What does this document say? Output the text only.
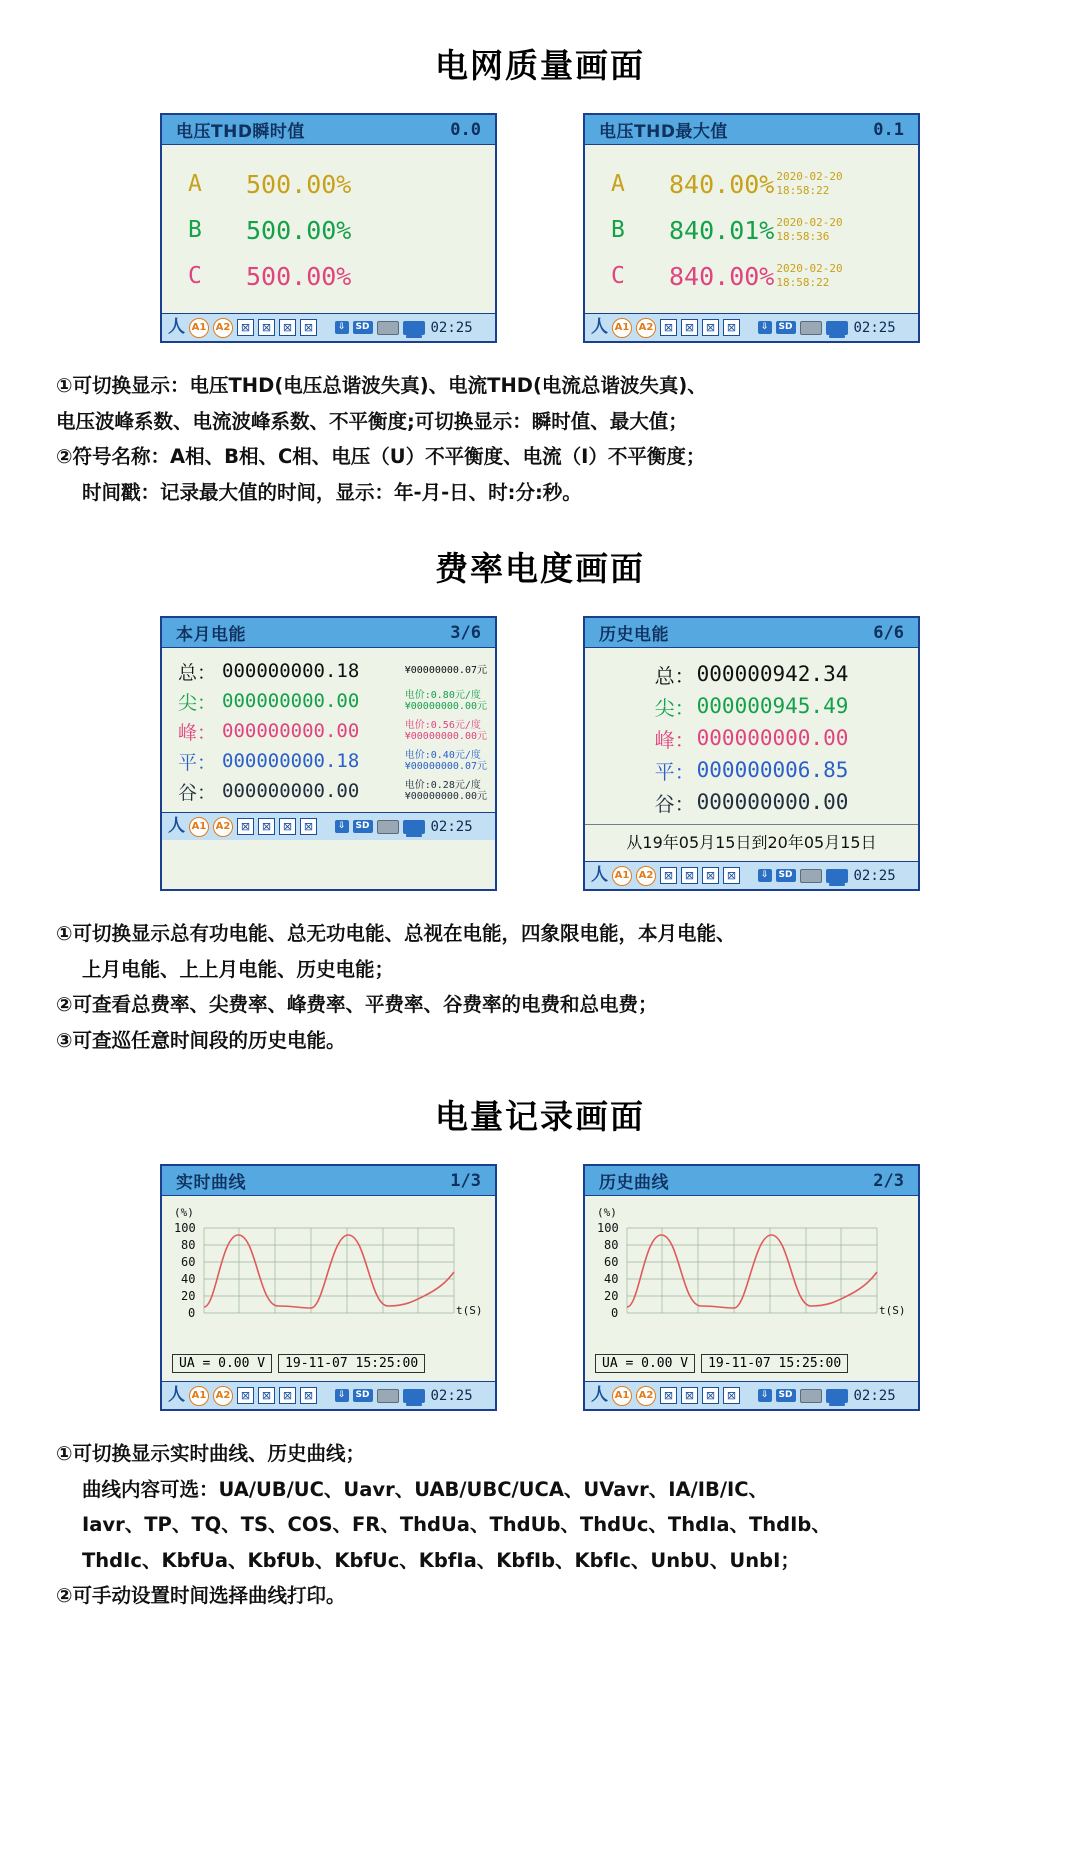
电网质量画面
电压THD瞬时值	0.0
A	500.00%
B	500.00%
C	500.00%
人 A1 A2 ⊠	⊠	⊠	⊠	⇩	SD	02:25
电压THD最大值	0.1
A	840.00% 2020-02-20
18:58:22
B	840.01% 2020-02-20
18:58:36
C	840.00% 2020-02-20
18:58:22
人 A1 A2 ⊠	⊠	⊠	⊠	⇩	SD	02:25

①可切换显示：电压THD(电压总谐波失真)、电流THD(电流总谐波失真)、

电压波峰系数、电流波峰系数、不平衡度;可切换显示：瞬时值、最大值；

②符号名称：A相、B相、C相、电压（U）不平衡度、电流（I）不平衡度；

时间戳：记录最大值的时间，显示：年-月-日、时:分:秒。

费率电度画面
本月电能	3/6
总： 000000000.18	¥00000000.07元
尖： 000000000.00	电价:0.80元/度
¥00000000.00元
峰： 000000000.00	电价:0.56元/度
¥00000000.00元
平： 000000000.18	电价:0.40元/度
¥00000000.07元
谷： 000000000.00	电价:0.28元/度
¥00000000.00元
人 A1 A2 ⊠	⊠	⊠	⊠	⇩	SD	02:25
历史电能	6/6
总： 000000942.34
尖： 000000945.49
峰： 000000000.00
平： 000000006.85
谷： 000000000.00
从19年05月15日到20年05月15日
人 A1 A2 ⊠	⊠	⊠	⊠	⇩	SD	02:25

①可切换显示总有功电能、总无功电能、总视在电能，四象限电能，本月电能、

上月电能、上上月电能、历史电能；

②可查看总费率、尖费率、峰费率、平费率、谷费率的电费和总电费；

③可查巡任意时间段的历史电能。

电量记录画面
实时曲线	1/3
(%)
100
80
60
40
20
0	t(S)
UA = 0.00 V	19-11-07 15:25:00
人 A1 A2 ⊠	⊠	⊠	⊠	⇩	SD	02:25
历史曲线	2/3
(%)
100
80
60
40
20
0	t(S)
UA = 0.00 V	19-11-07 15:25:00
人 A1 A2 ⊠	⊠	⊠	⊠	⇩	SD	02:25

①可切换显示实时曲线、历史曲线；

曲线内容可选：UA/UB/UC、Uavr、UAB/UBC/UCA、UVavr、IA/IB/IC、

Iavr、TP、TQ、TS、COS、FR、ThdUa、ThdUb、ThdUc、ThdIa、ThdIb、

ThdIc、KbfUa、KbfUb、KbfUc、KbfIa、KbfIb、KbfIc、UnbU、UnbI；

②可手动设置时间选择曲线打印。
